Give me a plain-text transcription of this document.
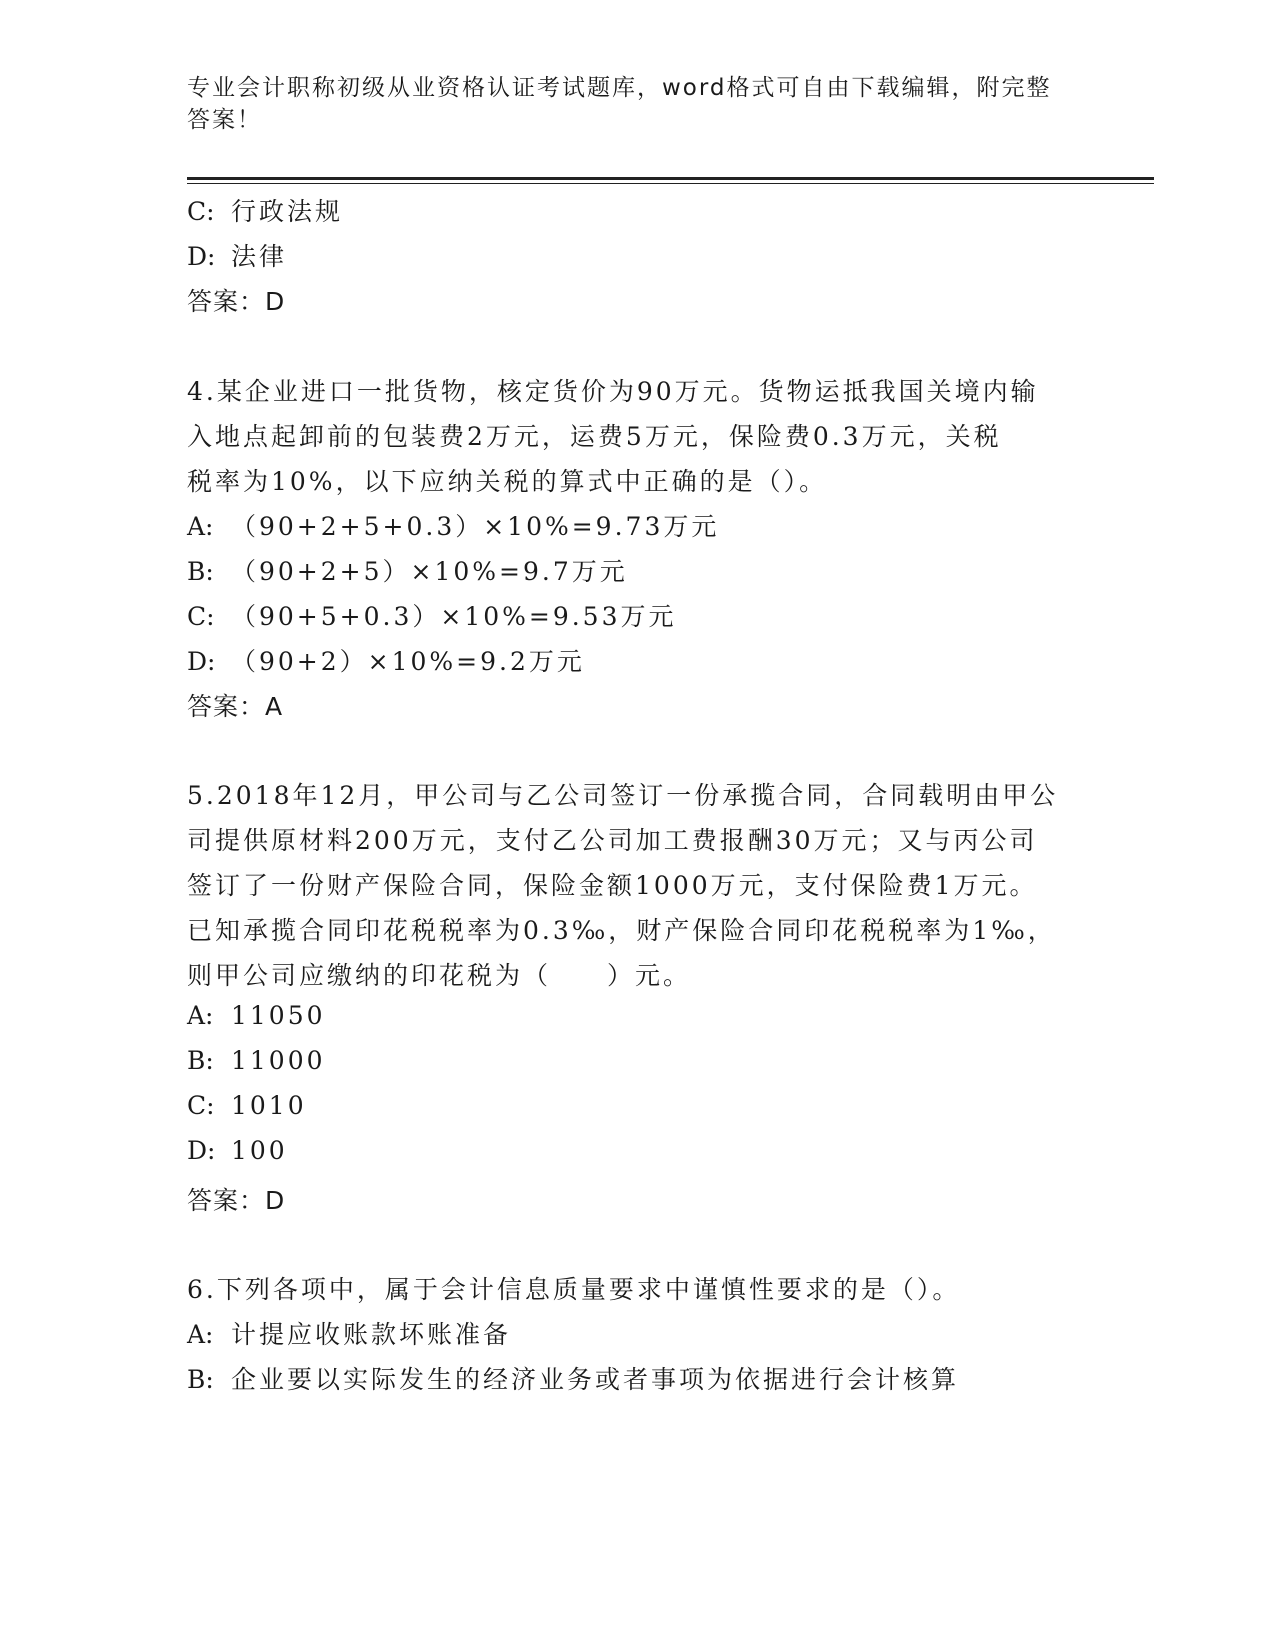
专业会计职称初级从业资格认证考试题库，word格式可自由下载编辑，附完整答案！
C: 行政法规
D: 法律
答案：D
4.某企业进口一批货物，核定货价为90万元。货物运抵我国关境内输
入地点起卸前的包装费2万元，运费5万元，保险费0.3万元，关税
税率为10%，以下应纳关税的算式中正确的是（）。
A: （90+2+5+0.3）×10%=9.73万元
B: （90+2+5）×10%=9.7万元
C: （90+5+0.3）×10%=9.53万元
D: （90+2）×10%=9.2万元
答案：A
5.2018年12月，甲公司与乙公司签订一份承揽合同，合同载明由甲公
司提供原材料200万元，支付乙公司加工费报酬30万元；又与丙公司
签订了一份财产保险合同，保险金额1000万元，支付保险费1万元。
已知承揽合同印花税税率为0.3‰，财产保险合同印花税税率为1‰，
则甲公司应缴纳的印花税为（　　）元。
A: 11050
B: 11000
C: 1010
D: 100
答案：D
6.下列各项中，属于会计信息质量要求中谨慎性要求的是（）。
A: 计提应收账款坏账准备
B: 企业要以实际发生的经济业务或者事项为依据进行会计核算
